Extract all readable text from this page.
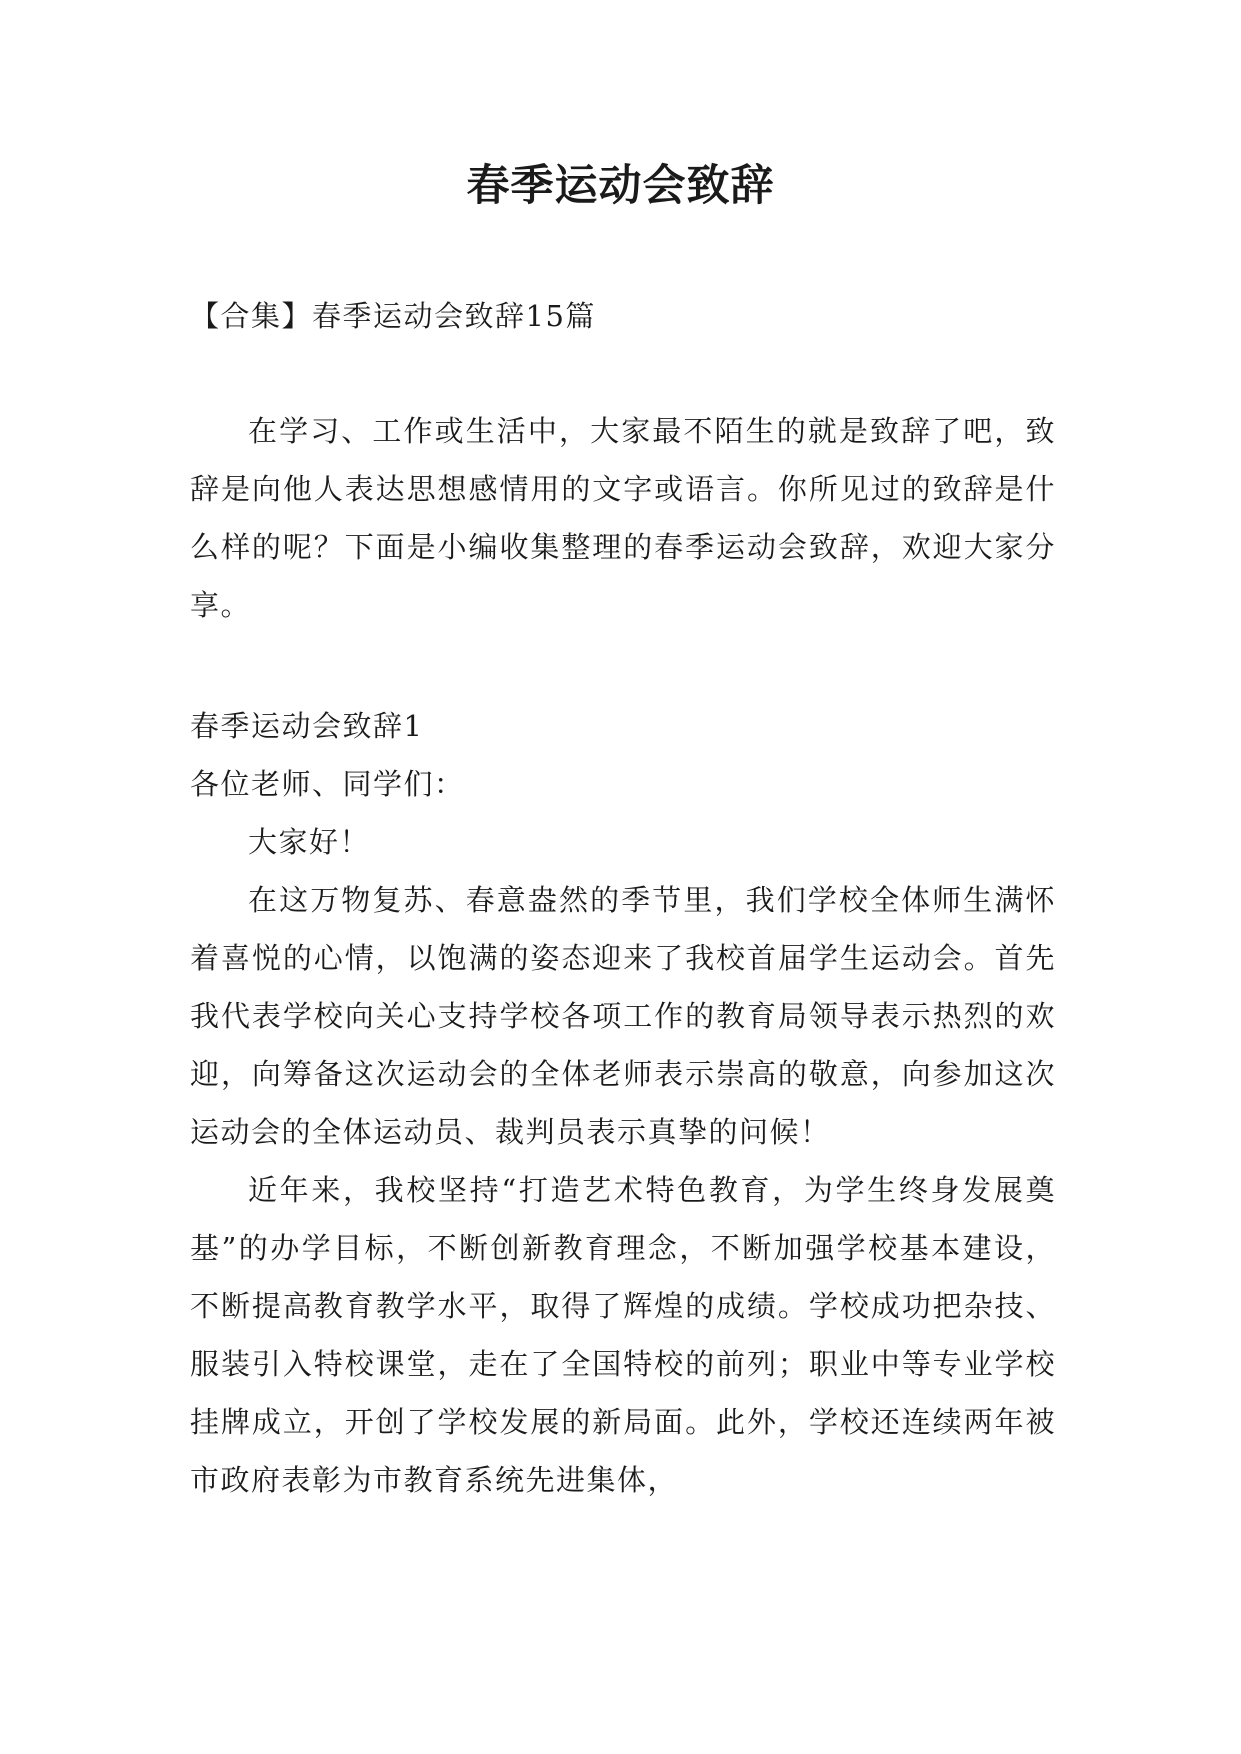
春季运动会致辞

【合集】春季运动会致辞15篇

在学习、工作或生活中，大家最不陌生的就是致辞了吧，致辞是向他人表达思想感情用的文字或语言。你所见过的致辞是什么样的呢？下面是小编收集整理的春季运动会致辞，欢迎大家分享。

春季运动会致辞1

各位老师、同学们：

大家好！

在这万物复苏、春意盎然的季节里，我们学校全体师生满怀着喜悦的心情，以饱满的姿态迎来了我校首届学生运动会。首先我代表学校向关心支持学校各项工作的教育局领导表示热烈的欢迎，向筹备这次运动会的全体老师表示崇高的敬意，向参加这次运动会的全体运动员、裁判员表示真挚的问候！

近年来，我校坚持“打造艺术特色教育，为学生终身发展奠基”的办学目标，不断创新教育理念，不断加强学校基本建设，不断提高教育教学水平，取得了辉煌的成绩。学校成功把杂技、服装引入特校课堂，走在了全国特校的前列；职业中等专业学校挂牌成立，开创了学校发展的新局面。此外，学校还连续两年被市政府表彰为市教育系统先进集体，
